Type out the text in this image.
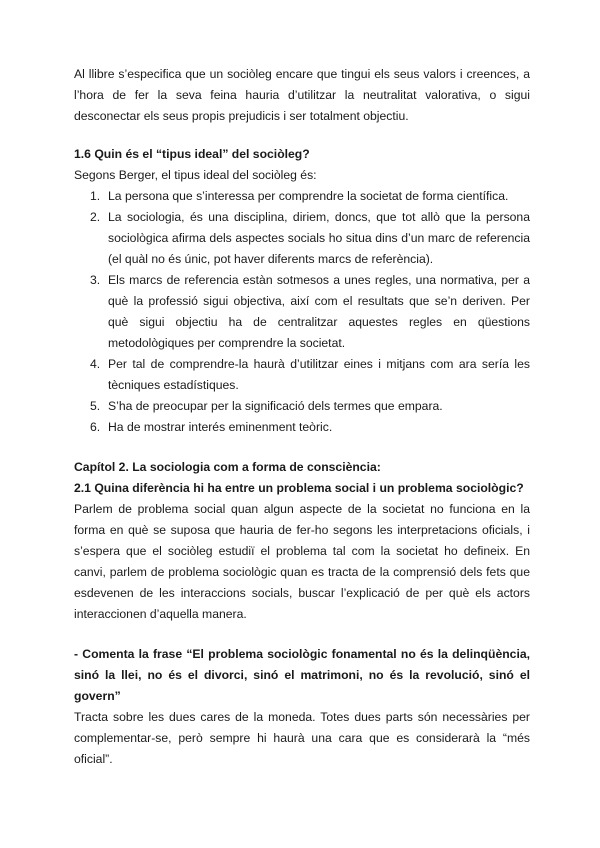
Al llibre s’especifica que un sociòleg encare que tingui els seus valors i creences, a l’hora de fer la seva feina hauria d’utilitzar la neutralitat valorativa, o sigui desconectar els seus propis prejudicis i ser totalment objectiu.

1.6 Quin és el “tipus ideal” del sociòleg?

Segons Berger, el tipus ideal del sociòleg és:

1. La persona que s’interessa per comprendre la societat de forma científica.
2. La sociologia, és una disciplina, diriem, doncs, que tot allò que la persona sociològica afirma dels aspectes socials ho situa dins d’un marc de referencia (el quàl no és únic, pot haver diferents marcs de referència).
3. Els marcs de referencia estàn sotmesos a unes regles, una normativa, per a què la professió sigui objectiva, així com el resultats que se’n deriven. Per què sigui objectiu ha de centralitzar aquestes regles en qüestions metodològiques per comprendre la societat.
4. Per tal de comprendre-la haurà d’utilitzar eines i mitjans com ara sería les tècniques estadístiques.
5. S’ha de preocupar per la significació dels termes que empara.
6. Ha de mostrar interés eminenment teòric.

Capítol 2. La sociologia com a forma de consciència:

2.1 Quina diferència hi ha entre un problema social i un problema sociològic?

Parlem de problema social quan algun aspecte de la societat no funciona en la forma en què se suposa que hauria de fer-ho segons les interpretacions oficials, i s’espera que el sociòleg estudiï el problema tal com la societat ho defineix. En canvi, parlem de problema sociològic quan es tracta de la comprensió dels fets que esdevenen de les interaccions socials, buscar l’explicació de per què els actors interaccionen d’aquella manera.

- Comenta la frase “El problema sociològic fonamental no és la delinqüència, sinó la llei, no és el divorci, sinó el matrimoni, no és la revolució, sinó el govern”

Tracta sobre les dues cares de la moneda. Totes dues parts són necessàries per complementar-se, però sempre hi haurà una cara que es considerarà la “més oficial”.
